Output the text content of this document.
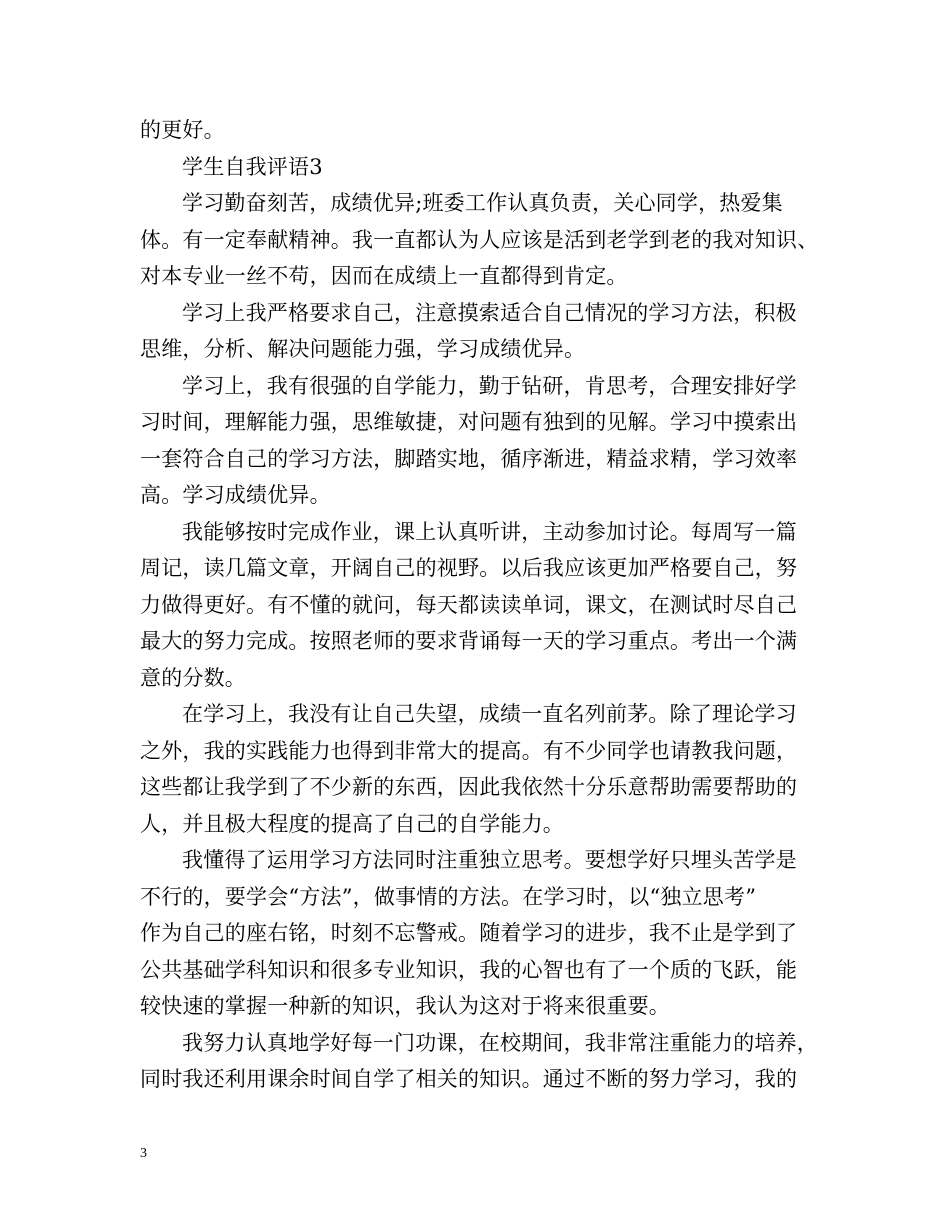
的更好。
学生自我评语3
学习勤奋刻苦，成绩优异;班委工作认真负责，关心同学，热爱集
体。有一定奉献精神。我一直都认为人应该是活到老学到老的我对知识、
对本专业一丝不苟，因而在成绩上一直都得到肯定。
学习上我严格要求自己，注意摸索适合自己情况的学习方法，积极
思维，分析、解决问题能力强，学习成绩优异。
学习上，我有很强的自学能力，勤于钻研，肯思考，合理安排好学
习时间，理解能力强，思维敏捷，对问题有独到的见解。学习中摸索出
一套符合自己的学习方法，脚踏实地，循序渐进，精益求精，学习效率
高。学习成绩优异。
我能够按时完成作业，课上认真听讲，主动参加讨论。每周写一篇
周记，读几篇文章，开阔自己的视野。以后我应该更加严格要自己，努
力做得更好。有不懂的就问，每天都读读单词，课文，在测试时尽自己
最大的努力完成。按照老师的要求背诵每一天的学习重点。考出一个满
意的分数。
在学习上，我没有让自己失望，成绩一直名列前茅。除了理论学习
之外，我的实践能力也得到非常大的提高。有不少同学也请教我问题，
这些都让我学到了不少新的东西，因此我依然十分乐意帮助需要帮助的
人，并且极大程度的提高了自己的自学能力。
我懂得了运用学习方法同时注重独立思考。要想学好只埋头苦学是
不行的，要学会“方法”，做事情的方法。在学习时，以“独立思考”
作为自己的座右铭，时刻不忘警戒。随着学习的进步，我不止是学到了
公共基础学科知识和很多专业知识，我的心智也有了一个质的飞跃，能
较快速的掌握一种新的知识，我认为这对于将来很重要。
我努力认真地学好每一门功课，在校期间，我非常注重能力的培养，
同时我还利用课余时间自学了相关的知识。通过不断的努力学习，我的
3
